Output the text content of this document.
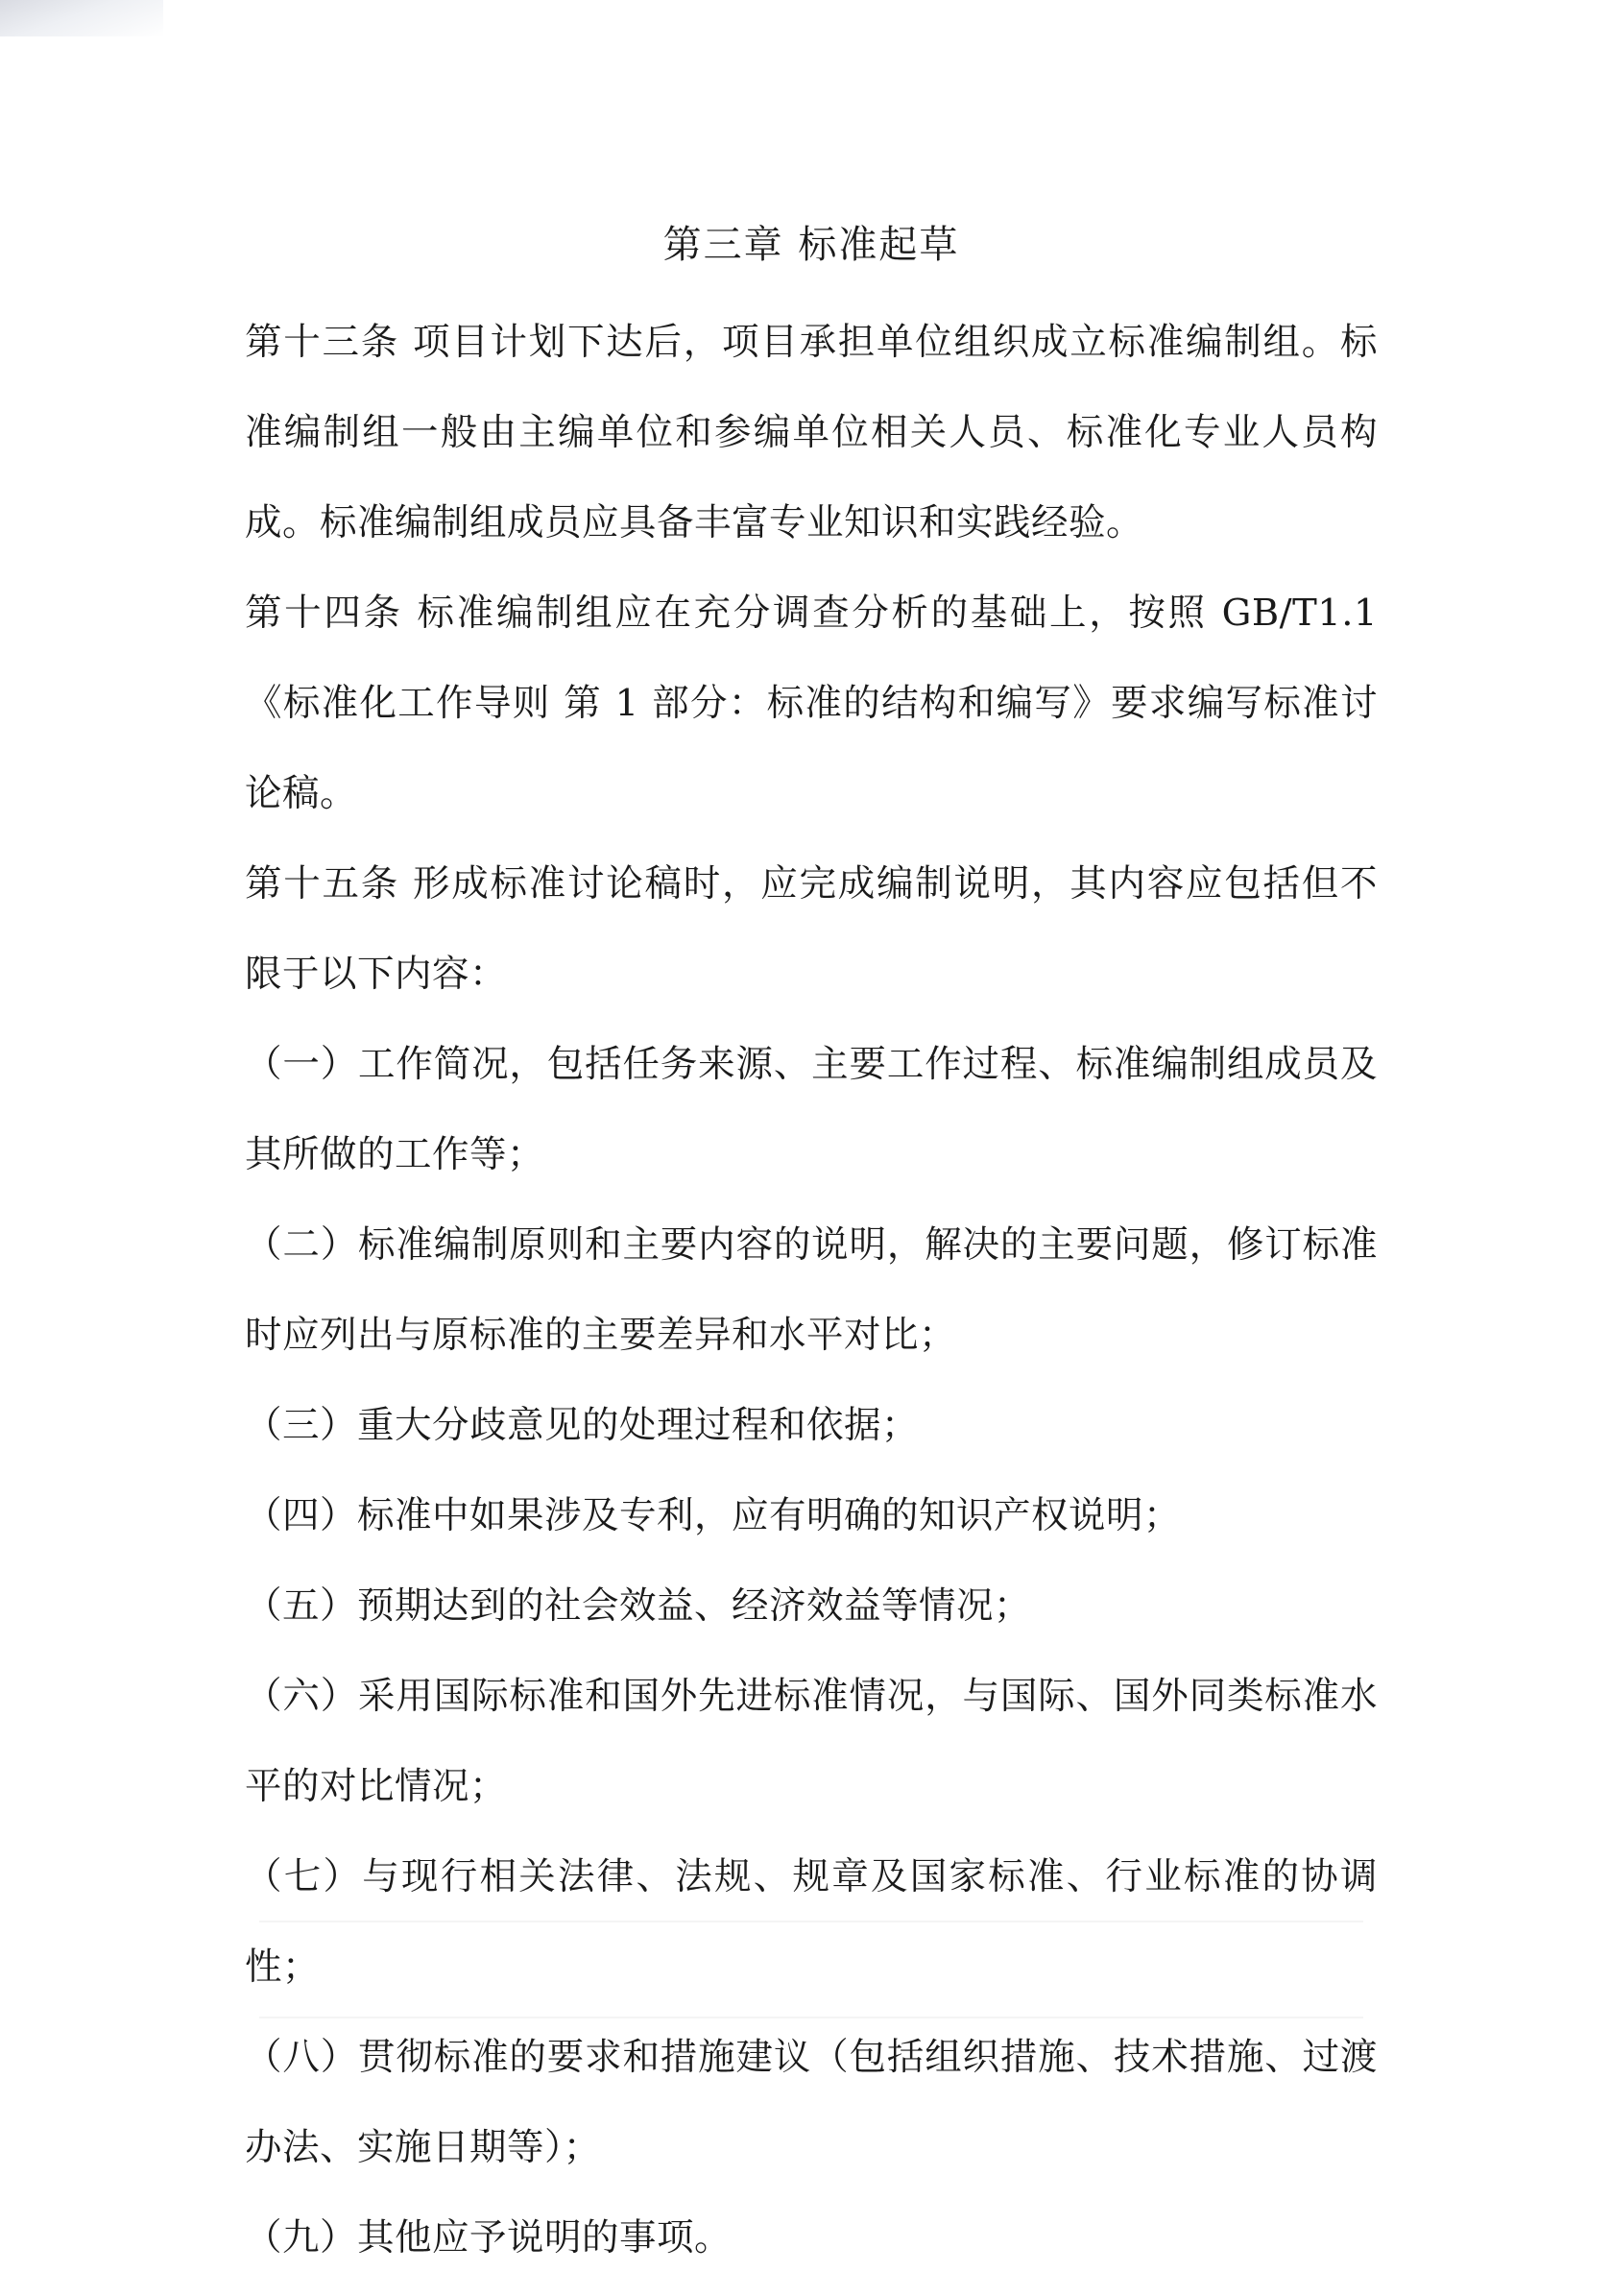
第三章 标准起草

第十三条 项目计划下达后，项目承担单位组织成立标准编制组。标准编制组一般由主编单位和参编单位相关人员、标准化专业人员构成。标准编制组成员应具备丰富专业知识和实践经验。

第十四条 标准编制组应在充分调查分析的基础上，按照 GB/T1.1《标准化工作导则 第 1 部分：标准的结构和编写》要求编写标准讨论稿。

第十五条 形成标准讨论稿时，应完成编制说明，其内容应包括但不限于以下内容：

（一）工作简况，包括任务来源、主要工作过程、标准编制组成员及其所做的工作等；

（二）标准编制原则和主要内容的说明，解决的主要问题，修订标准时应列出与原标准的主要差异和水平对比；

（三）重大分歧意见的处理过程和依据；

（四）标准中如果涉及专利，应有明确的知识产权说明；

（五）预期达到的社会效益、经济效益等情况；

（六）采用国际标准和国外先进标准情况，与国际、国外同类标准水平的对比情况；

（七）与现行相关法律、法规、规章及国家标准、行业标准的协调性；

（八）贯彻标准的要求和措施建议（包括组织措施、技术措施、过渡办法、实施日期等）；

（九）其他应予说明的事项。
